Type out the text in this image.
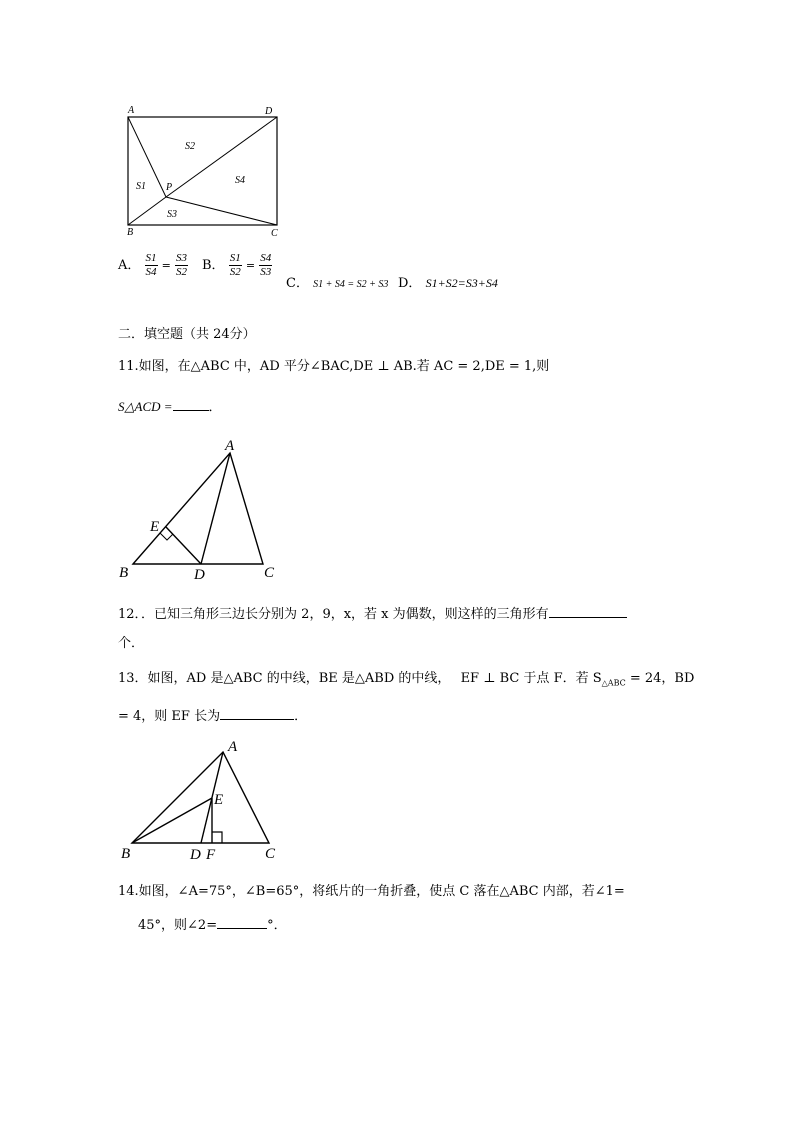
A	D
B	C
P
S2
S1
S4
S3
A． $\frac{S1}{S4} = \frac{S3}{S2}$ B． $\frac{S1}{S2} = \frac{S4}{S3}$
C． S1 + S4 = S2 + S3 D． S1+S2=S3+S4
二．填空题（共 24分）
11.如图，在△ABC 中，AD 平分∠BAC,DE ⊥ AB.若 AC = 2,DE = 1,则
S△ACD =	．
A
B	C
D
E
12．．已知三角形三边长分别为 2，9，x，若 x 为偶数，则这样的三角形有
个．
13．如图，AD 是△ABC 的中线，BE 是△ABD 的中线， EF ⊥ BC 于点 F．若 $S_{\triangle ABC} = 24$，BD
= 4，则 EF 长为	．
A
B	C
D
E
F
14.如图，∠A=75°，∠B=65°，将纸片的一角折叠，使点 C 落在△ABC 内部，若∠1=
45°，则∠2=	°．
